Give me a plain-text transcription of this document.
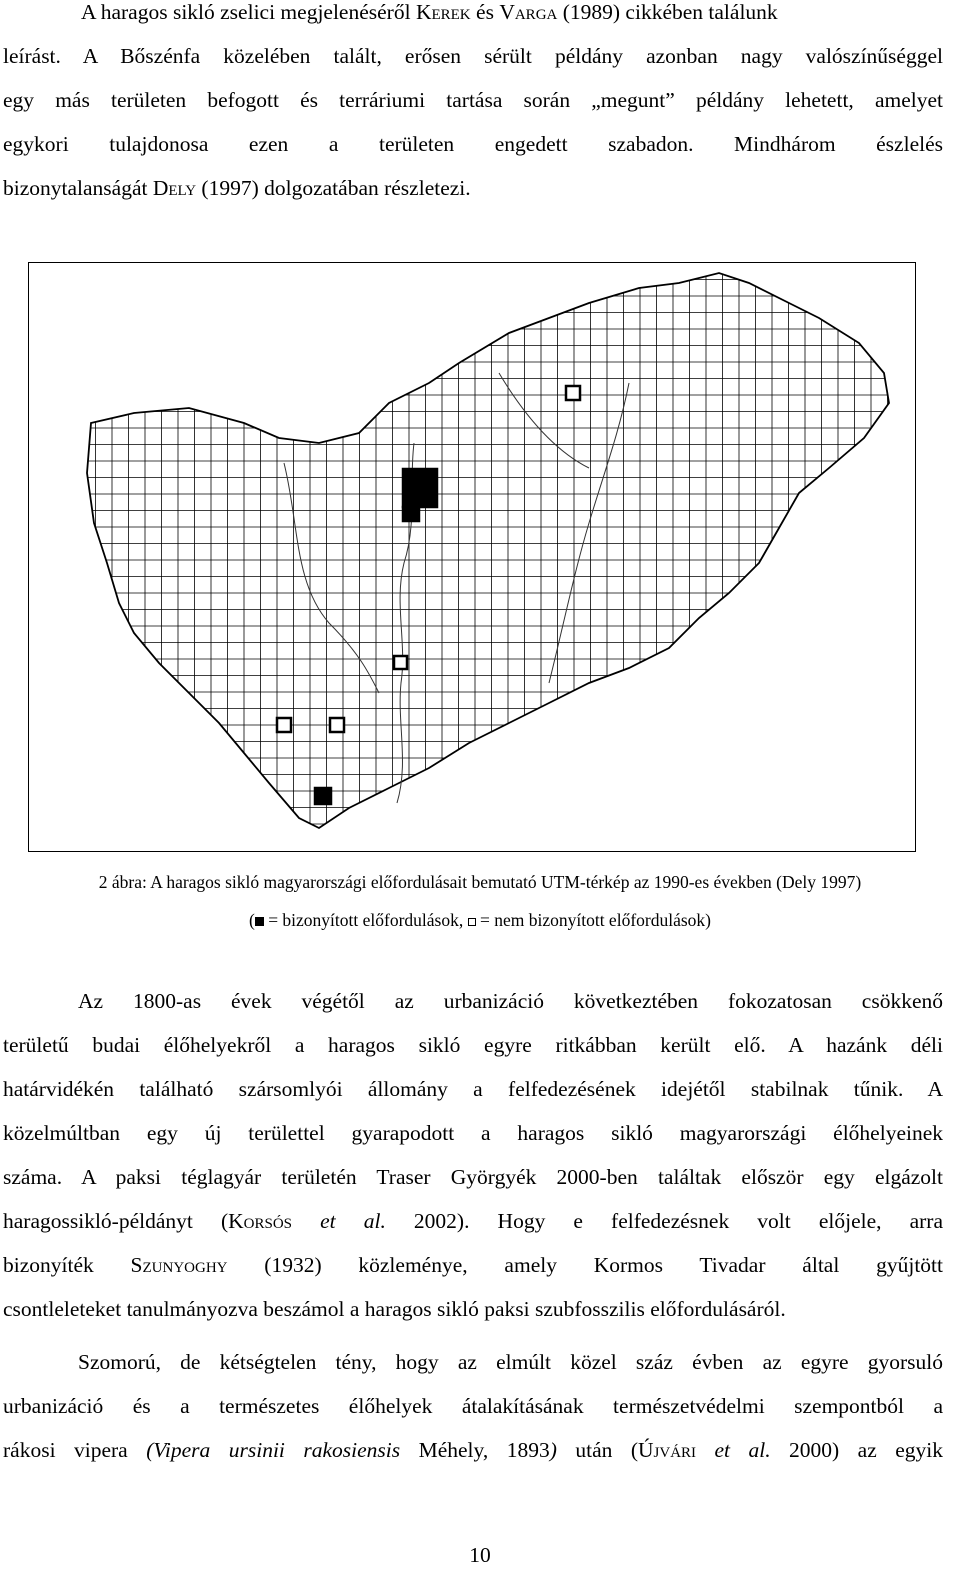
A haragos sikló zselici megjelenéséről Kerek és Varga (1989) cikkében találunk
leírást. A Bőszénfa közelében talált, erősen sérült példány azonban nagy valószínűséggel
egy más területen befogott és terráriumi tartása során „megunt” példány lehetett, amelyet
egykori tulajdonosa ezen a területen engedett szabadon. Mindhárom észlelés
bizonytalanságát Dely (1997) dolgozatában részletezi.
2 ábra: A haragos sikló magyarországi előfordulásait bemutató UTM-térkép az 1990-es években (Dely 1997)
( = bizonyított előfordulások,  = nem bizonyított előfordulások)
Az 1800-as évek végétől az urbanizáció következtében fokozatosan csökkenő
területű budai élőhelyekről a haragos sikló egyre ritkábban került elő. A hazánk déli
határvidékén található szársomlyói állomány a felfedezésének idejétől stabilnak tűnik. A
közelmúltban egy új területtel gyarapodott a haragos sikló magyarországi élőhelyeinek
száma. A paksi téglagyár területén Traser Györgyék 2000-ben találtak először egy elgázolt
haragossikló-példányt (Korsós et al. 2002). Hogy e felfedezésnek volt előjele, arra
bizonyíték Szunyoghy (1932) közleménye, amely Kormos Tivadar által gyűjtött
csontleleteket tanulmányozva beszámol a haragos sikló paksi szubfosszilis előfordulásáról.
Szomorú, de kétségtelen tény, hogy az elmúlt közel száz évben az egyre gyorsuló
urbanizáció és a természetes élőhelyek átalakításának természetvédelmi szempontból a
rákosi vipera (Vipera ursinii rakosiensis Méhely, 1893) után (Újvári et al. 2000) az egyik
10
